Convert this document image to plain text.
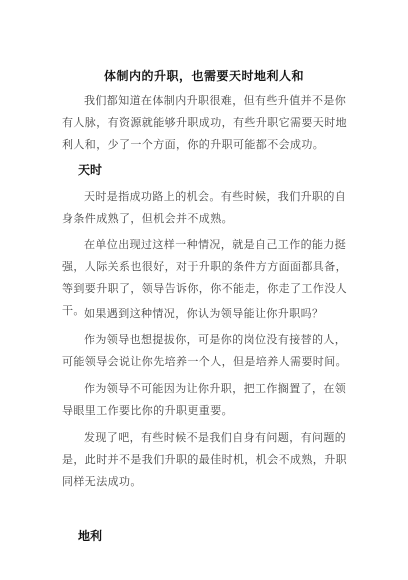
体制内的升职，也需要天时地利人和
我们都知道在体制内升职很难，但有些升值并不是你有人脉，有资源就能够升职成功，有些升职它需要天时地利人和，少了一个方面，你的升职可能都不会成功。
天时
天时是指成功路上的机会。有些时候，我们升职的自身条件成熟了，但机会并不成熟。
在单位出现过这样一种情况，就是自己工作的能力挺强，人际关系也很好，对于升职的条件方方面面都具备，等到要升职了，领导告诉你，你不能走，你走了工作没人干。 如果遇到这种情况，你认为领导能让你升职吗？
作为领导也想提拔你，可是你的岗位没有接替的人，可能领导会说让你先培养一个人，但是培养人需要时间。
作为领导不可能因为让你升职，把工作搁置了，在领导眼里工作要比你的升职更重要。
发现了吧，有些时候不是我们自身有问题，有问题的是，此时并不是我们升职的最佳时机，机会不成熟，升职同样无法成功。
地利
